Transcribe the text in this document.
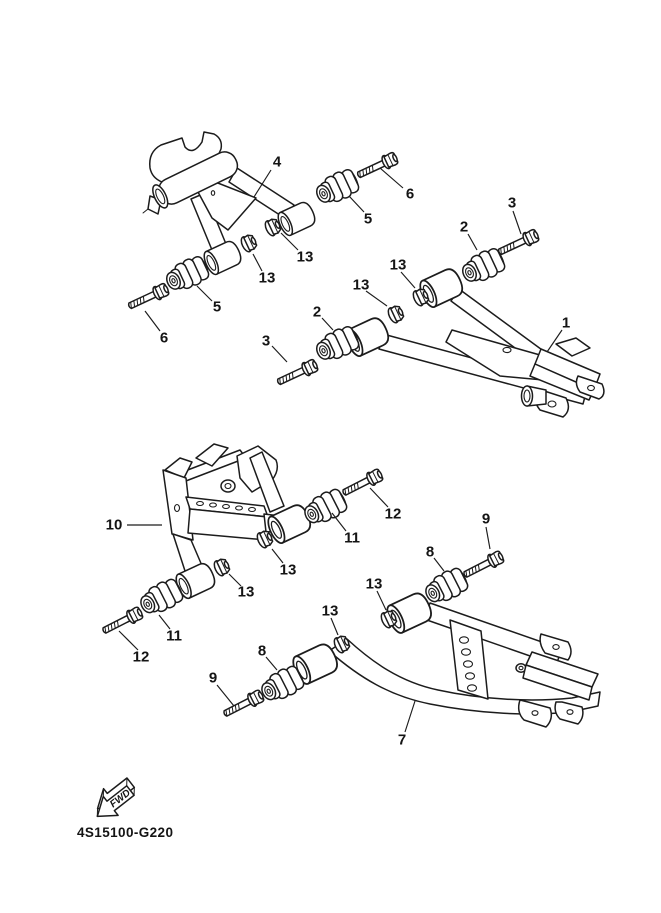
4
6
5
3
2
13
13
13
13
1
2
3
5
6
10
12
11
9
8
13
13	13
13
11
12	8
9
7
FWD
4S15100-G220
